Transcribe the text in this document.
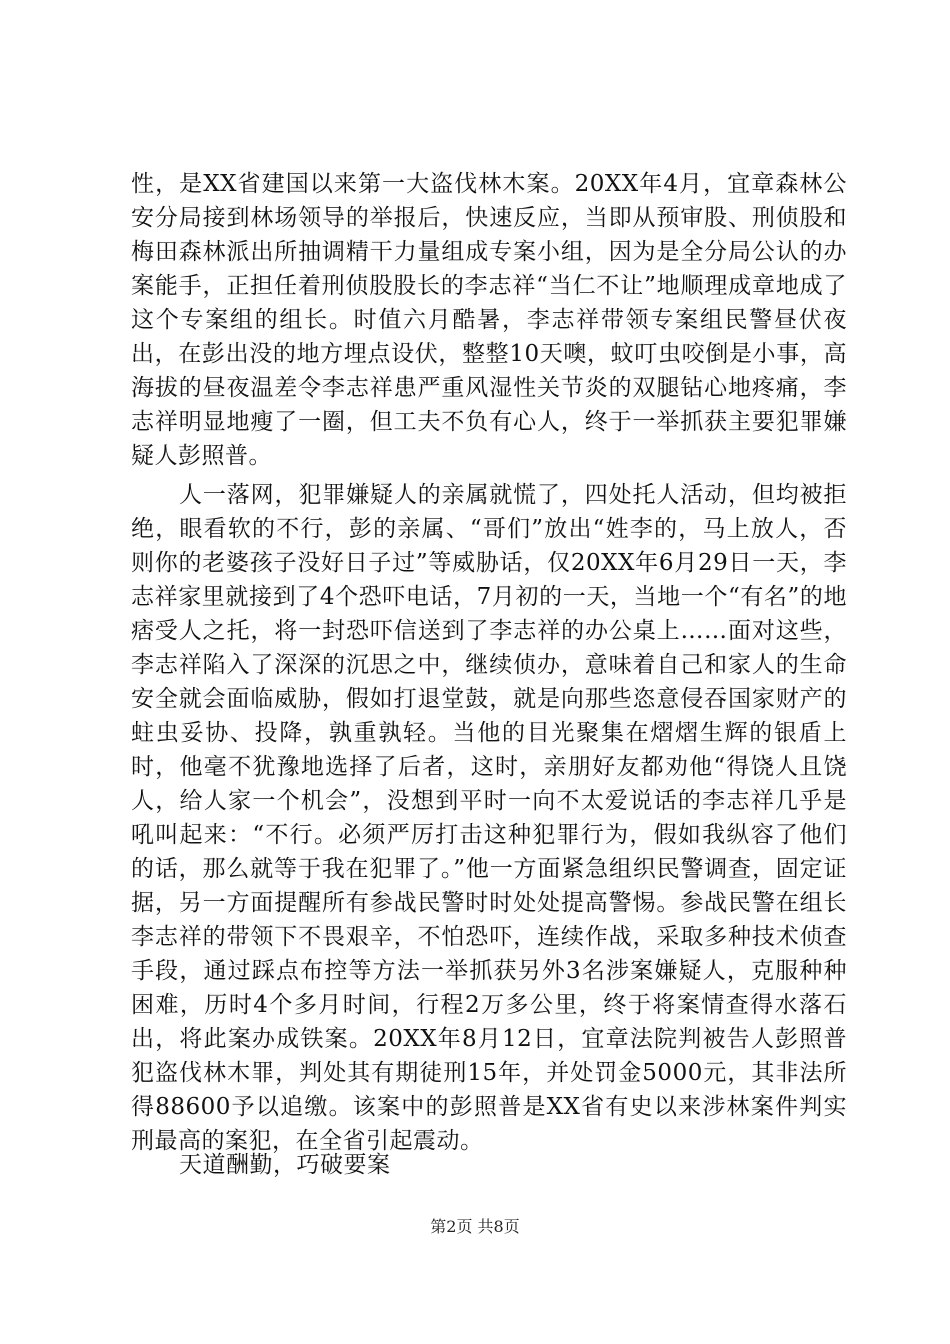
性，是XX省建国以来第一大盗伐林木案。20XX年4月，宜章森林公安分局接到林场领导的举报后，快速反应，当即从预审股、刑侦股和梅田森林派出所抽调精干力量组成专案小组，因为是全分局公认的办案能手，正担任着刑侦股股长的李志祥“当仁不让”地顺理成章地成了这个专案组的组长。时值六月酷暑，李志祥带领专案组民警昼伏夜出，在彭出没的地方埋点设伏，整整10天噢，蚊叮虫咬倒是小事，高海拔的昼夜温差令李志祥患严重风湿性关节炎的双腿钻心地疼痛，李志祥明显地瘦了一圈，但工夫不负有心人，终于一举抓获主要犯罪嫌疑人彭照普。
人一落网，犯罪嫌疑人的亲属就慌了，四处托人活动，但均被拒绝，眼看软的不行，彭的亲属、“哥们”放出“姓李的，马上放人，否则你的老婆孩子没好日子过”等威胁话，仅20XX年6月29日一天，李志祥家里就接到了4个恐吓电话，7月初的一天，当地一个“有名”的地痞受人之托，将一封恐吓信送到了李志祥的办公桌上……面对这些，李志祥陷入了深深的沉思之中，继续侦办，意味着自己和家人的生命安全就会面临威胁，假如打退堂鼓，就是向那些恣意侵吞国家财产的蛀虫妥协、投降，孰重孰轻。当他的目光聚集在熠熠生辉的银盾上时，他毫不犹豫地选择了后者，这时，亲朋好友都劝他“得饶人且饶人，给人家一个机会”，没想到平时一向不太爱说话的李志祥几乎是吼叫起来：“不行。必须严厉打击这种犯罪行为，假如我纵容了他们的话，那么就等于我在犯罪了。”他一方面紧急组织民警调查，固定证据，另一方面提醒所有参战民警时时处处提高警惕。参战民警在组长李志祥的带领下不畏艰辛，不怕恐吓，连续作战，采取多种技术侦查手段，通过踩点布控等方法一举抓获另外3名涉案嫌疑人，克服种种困难，历时4个多月时间，行程2万多公里，终于将案情查得水落石出，将此案办成铁案。20XX年8月12日，宜章法院判被告人彭照普犯盗伐林木罪，判处其有期徒刑15年，并处罚金5000元，其非法所得88600予以追缴。该案中的彭照普是XX省有史以来涉林案件判实刑最高的案犯，在全省引起震动。
天道酬勤，巧破要案
第2页 共8页
